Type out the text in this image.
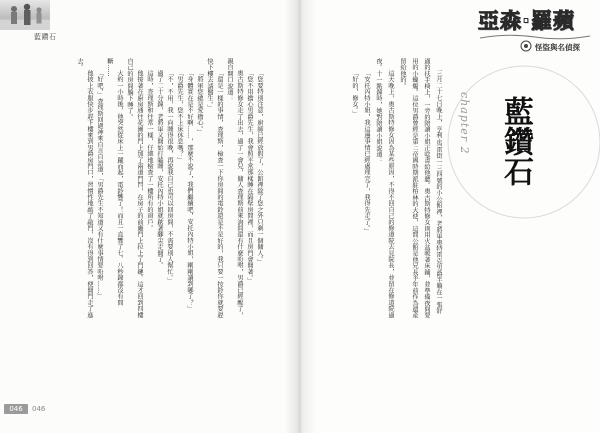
藍鑽石

「您要特別注意，廚師已經放假了，公館裡除了您之外只剩一個傭人。」

「您不用擔心男爵先生，我會照平常那樣睡在隔壁房間裡，而且房門會開著。」

奧古斯特修女走了出去，過了一會兒，傭人查理斯前來詢問還有什麼吩咐，男爵已經醒了，親自開口說道：

「還是一樣的事情，查理斯，檢查一下你房間的電鈴還是不是好的，我只要一按鈴你就要趕快下樓去請醫生。」

「將軍您總是愛擔心。」

「身體實在是不好啊……，那麼不說了，我們繼續吧，安托內特小姐，剛剛讀到哪了？」

「男爵先生，您不上床休息嗎？」

「不，不用，我一向睡得很晚，再說我自己也可以回房間，不需要別人幫忙。」

過了二十分鐘，老將軍又開始打瞌睡，安托內特小姐就踮著腳尖走開了。

這時，查理斯和往常一樣，仔細地檢查了一樓所有的窗戶。

他接著在廚房通往花園的門上加了兩道門閂，在房子的前廳門上拉上了門鏈。這才回到四樓自己的房間躺下睡了。

大約一小時後，他突然從床上一躍而起，電鈴響了！而且一直響了七、八秒鐘都沒有間斷……

「好吧，」查理斯回過神來自言自語道，「男爵先生不知道又有什麼事情要吩咐……」

他披上衣服快步趕下樓來到男爵房門口，習慣性地敲了敲門，沒有得到回答，便開門走了進去。

046	046
亞森·羅蘋
怪盜與名偵探
chapter 2 藍鑽石

三月二十七日晚上，亨利·馬雷街一三四號的小公館裡，老將軍奧特雷克男爵半躺在一張舒適的扶手椅上，一旁的陪讀小姐正唸書給他聽。奧古斯特修女則用火盆暖著床鋪，並準備夜間要用的小蠟燭。這位男爵曾經是第二帝國時期派駐柏林的大使，這間公館是他兄長半年前作為遺產留給他的。

這天晚上，奧古斯特修女因為某些原因，不得不回自己的修道院去見院長，並留在修道院過夜。十一點鐘時，她對陪讀小姐說道：

「安托內特小姐，我這邊事情已經處理完了，我得先走了。」

「好的，修女。」
